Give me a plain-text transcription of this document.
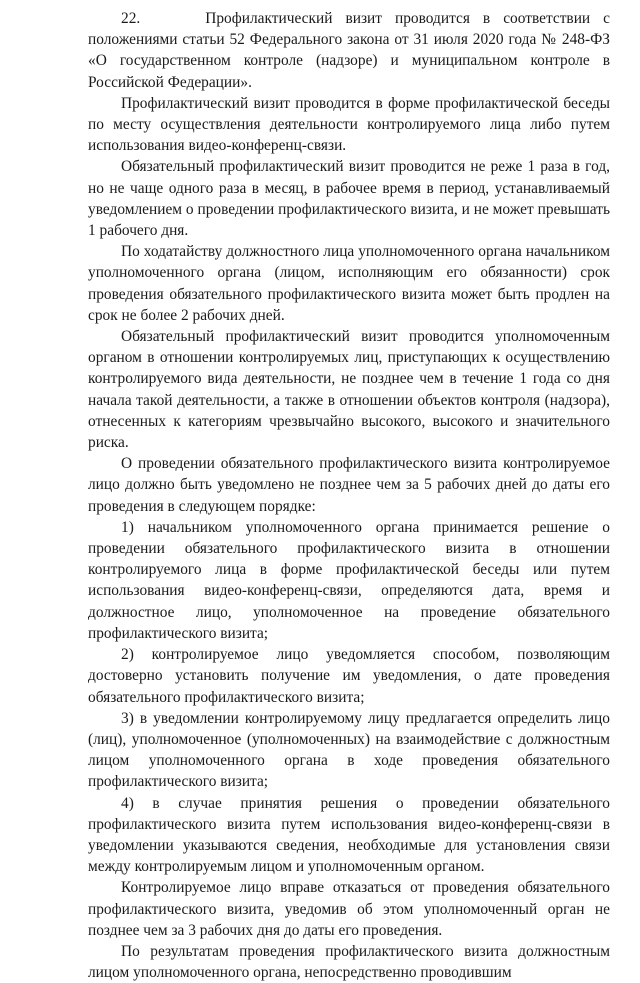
22.     Профилактический визит проводится в соответствии с положениями статьи 52 Федерального закона от 31 июля 2020 года № 248-ФЗ «О государственном контроле (надзоре) и муниципальном контроле в Российской Федерации».

Профилактический визит проводится в форме профилактической беседы по месту осуществления деятельности контролируемого лица либо путем использования видео-конференц-связи.

Обязательный профилактический визит проводится не реже 1 раза в год, но не чаще одного раза в месяц, в рабочее время в период, устанавливаемый уведомлением о проведении профилактического визита, и не может превышать 1 рабочего дня.

По ходатайству должностного лица уполномоченного органа начальником уполномоченного органа (лицом, исполняющим его обязанности) срок проведения обязательного профилактического визита может быть продлен на срок не более 2 рабочих дней.

Обязательный профилактический визит проводится уполномоченным органом в отношении контролируемых лиц, приступающих к осуществлению контролируемого вида деятельности, не позднее чем в течение 1 года со дня начала такой деятельности, а также в отношении объектов контроля (надзора), отнесенных к категориям чрезвычайно высокого, высокого и значительного риска.

О проведении обязательного профилактического визита контролируемое лицо должно быть уведомлено не позднее чем за 5 рабочих дней до даты его проведения в следующем порядке:

1) начальником уполномоченного органа принимается решение о проведении обязательного профилактического визита в отношении контролируемого лица в форме профилактической беседы или путем использования видео-конференц-связи, определяются дата, время и должностное лицо, уполномоченное на проведение обязательного профилактического визита;

2) контролируемое лицо уведомляется способом, позволяющим достоверно установить получение им уведомления, о дате проведения обязательного профилактического визита;

3) в уведомлении контролируемому лицу предлагается определить лицо (лиц), уполномоченное (уполномоченных) на взаимодействие с должностным лицом уполномоченного органа в ходе проведения обязательного профилактического визита;

4) в случае принятия решения о проведении обязательного профилактического визита путем использования видео-конференц-связи в уведомлении указываются сведения, необходимые для установления связи между контролируемым лицом и уполномоченным органом.

Контролируемое лицо вправе отказаться от проведения обязательного профилактического визита, уведомив об этом уполномоченный орган не позднее чем за 3 рабочих дня до даты его проведения.

По результатам проведения профилактического визита должностным лицом уполномоченного органа, непосредственно проводившим
